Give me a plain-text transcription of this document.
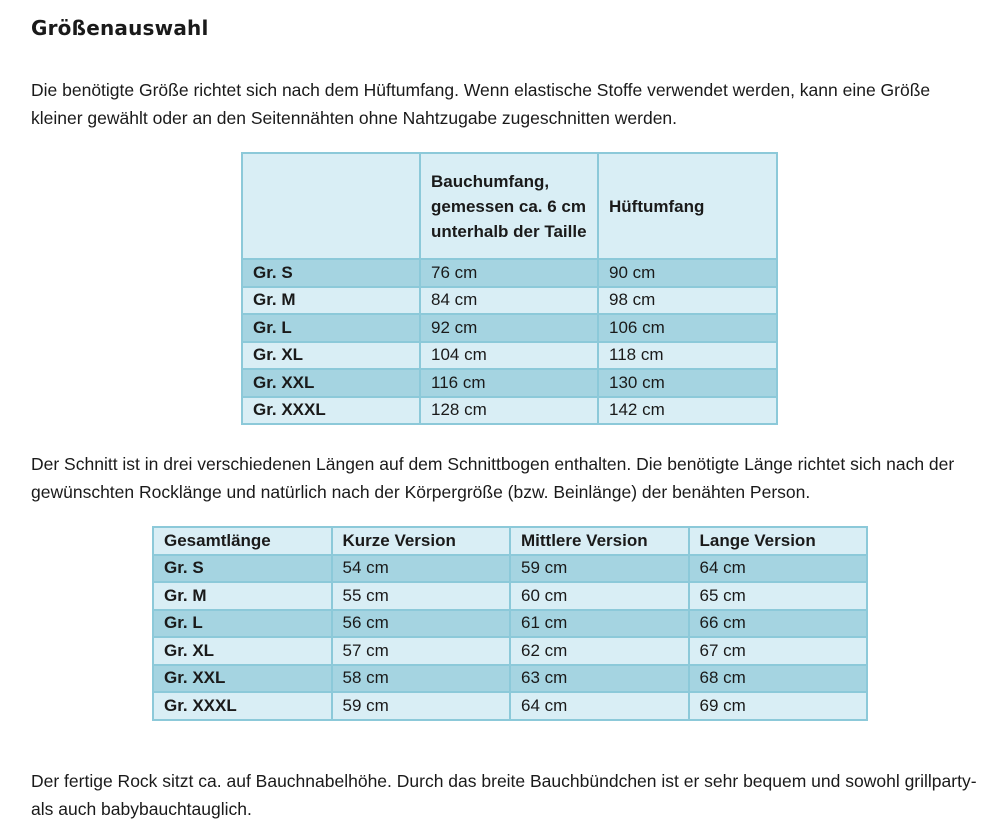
Größenauswahl

Die benötigte Größe richtet sich nach dem Hüftumfang. Wenn elastische Stoffe verwendet werden, kann eine Größe kleiner gewählt oder an den Seitennähten ohne Nahtzugabe zugeschnitten werden.

	Bauchumfang, gemessen ca. 6 cm unterhalb der Taille	Hüftumfang
Gr. S	76 cm	90 cm
Gr. M	84 cm	98 cm
Gr. L	92 cm	106 cm
Gr. XL	104 cm	118 cm
Gr. XXL	116 cm	130 cm
Gr. XXXL	128 cm	142 cm

Der Schnitt ist in drei verschiedenen Längen auf dem Schnittbogen enthalten. Die benötigte Länge richtet sich nach der gewünschten Rocklänge und natürlich nach der Körpergröße (bzw. Beinlänge) der benähten Person.

Gesamtlänge	Kurze Version	Mittlere Version	Lange Version
Gr. S	54 cm	59 cm	64 cm
Gr. M	55 cm	60 cm	65 cm
Gr. L	56 cm	61 cm	66 cm
Gr. XL	57 cm	62 cm	67 cm
Gr. XXL	58 cm	63 cm	68 cm
Gr. XXXL	59 cm	64 cm	69 cm

Der fertige Rock sitzt ca. auf Bauchnabelhöhe. Durch das breite Bauchbündchen ist er sehr bequem und sowohl grillparty- als auch babybauchtauglich.
